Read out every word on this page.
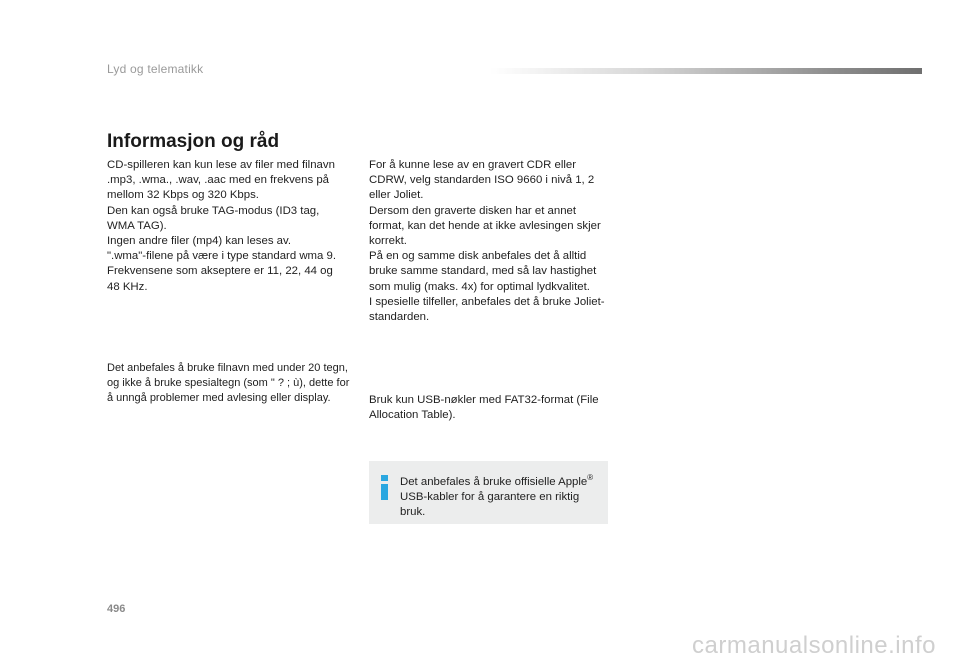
Lyd og telematikk
Informasjon og råd

CD-spilleren kan kun lese av filer med filnavn

.mp3, .wma., .wav, .aac med en frekvens på

mellom 32 Kbps og 320 Kbps.

Den kan også bruke TAG-modus (ID3 tag,

WMA TAG).

Ingen andre filer (mp4) kan leses av.

".wma"-filene på være i type standard wma 9.

Frekvensene som akseptere er 11, 22, 44 og

48 KHz.

Det anbefales å bruke filnavn med under 20 tegn,

og ikke å bruke spesialtegn (som " ? ; ù), dette for

å unngå problemer med avlesing eller display.

For å kunne lese av en gravert CDR eller

CDRW, velg standarden ISO 9660 i nivå 1, 2

eller Joliet.

Dersom den graverte disken har et annet

format, kan det hende at ikke avlesingen skjer

korrekt.

På en og samme disk anbefales det å alltid

bruke samme standard, med så lav hastighet

som mulig (maks. 4x) for optimal lydkvalitet.

I spesielle tilfeller, anbefales det å bruke Joliet-

standarden.

Bruk kun USB-nøkler med FAT32-format (File

Allocation Table).

Det anbefales å bruke offisielle Apple®
USB-kabler for å garantere en riktig
bruk.
496
carmanualsonline.info
